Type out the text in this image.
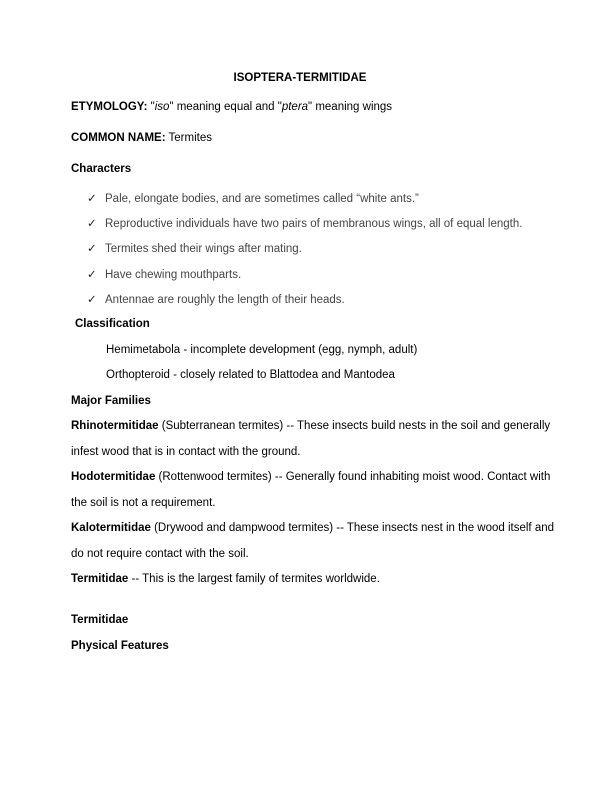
ISOPTERA-TERMITIDAE
ETYMOLOGY: "iso" meaning equal and "ptera" meaning wings
COMMON NAME: Termites
Characters
✓ Pale, elongate bodies, and are sometimes called “white ants.”
✓ Reproductive individuals have two pairs of membranous wings, all of equal length.
✓ Termites shed their wings after mating.
✓ Have chewing mouthparts.
✓ Antennae are roughly the length of their heads.
Classification
Hemimetabola - incomplete development (egg, nymph, adult)
Orthopteroid - closely related to Blattodea and Mantodea
Major Families
Rhinotermitidae (Subterranean termites) -- These insects build nests in the soil and generally
infest wood that is in contact with the ground.
Hodotermitidae (Rottenwood termites) -- Generally found inhabiting moist wood. Contact with
the soil is not a requirement.
Kalotermitidae (Drywood and dampwood termites) -- These insects nest in the wood itself and
do not require contact with the soil.
Termitidae -- This is the largest family of termites worldwide.
Termitidae
Physical Features
